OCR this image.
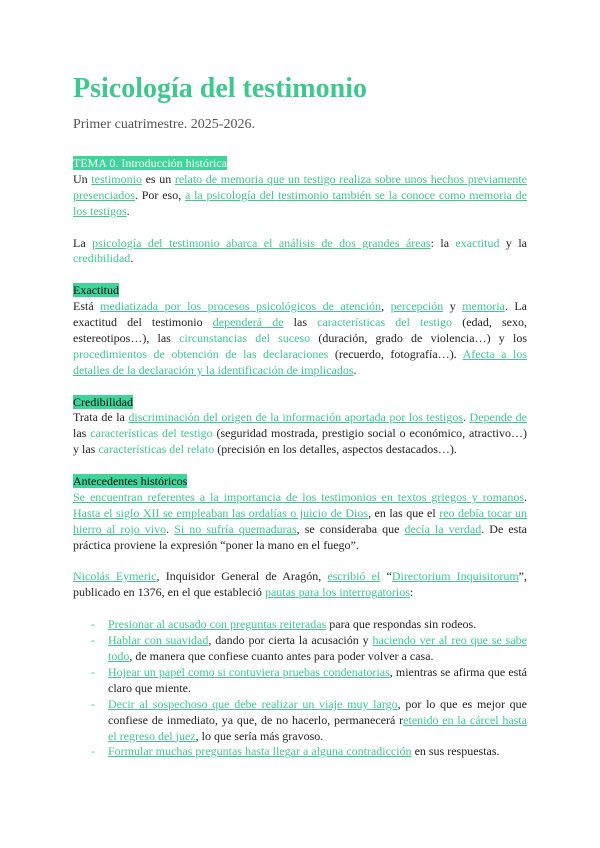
Psicología del testimonio
Primer cuatrimestre. 2025-2026.
TEMA 0. Introducción histórica

Un testimonio es un relato de memoria que un testigo realiza sobre unos hechos previamente presenciados. Por eso, a la psicología del testimonio también se la conoce como memoria de los testigos.

La psicología del testimonio abarca el análisis de dos grandes áreas: la exactitud y la credibilidad.

Exactitud

Está mediatizada por los procesos psicológicos de atención, percepción y memoria. La exactitud del testimonio dependerá de las características del testigo (edad, sexo, estereotipos…), las circunstancias del suceso (duración, grado de violencia…) y los procedimientos de obtención de las declaraciones (recuerdo, fotografía…). Afecta a los detalles de la declaración y la identificación de implicados.

Credibilidad

Trata de la discriminación del origen de la información aportada por los testigos. Depende de las características del testigo (seguridad mostrada, prestigio social o económico, atractivo…) y las características del relato (precisión en los detalles, aspectos destacados…).

Antecedentes históricos

Se encuentran referentes a la importancia de los testimonios en textos griegos y romanos. Hasta el siglo XII se empleaban las ordalías o juicio de Dios, en las que el reo debía tocar un hierro al rojo vivo. Si no sufría quemaduras, se consideraba que decía la verdad. De esta práctica proviene la expresión “poner la mano en el fuego”.

Nicolás Eymeric, Inquisidor General de Aragón, escribió el “Directorium Inquisitorum”, publicado en 1376, en el que estableció pautas para los interrogatorios:

- Presionar al acusado con preguntas reiteradas para que respondas sin rodeos.
- Hablar con suavidad, dando por cierta la acusación y haciendo ver al reo que se sabe todo, de manera que confiese cuanto antes para poder volver a casa.
- Hojear un papel como si contuviera pruebas condenatorias, mientras se afirma que está claro que miente.
- Decir al sospechoso que debe realizar un viaje muy largo, por lo que es mejor que confiese de inmediato, ya que, de no hacerlo, permanecerá retenido en la cárcel hasta el regreso del juez, lo que sería más gravoso.
- Formular muchas preguntas hasta llegar a alguna contradicción en sus respuestas.
